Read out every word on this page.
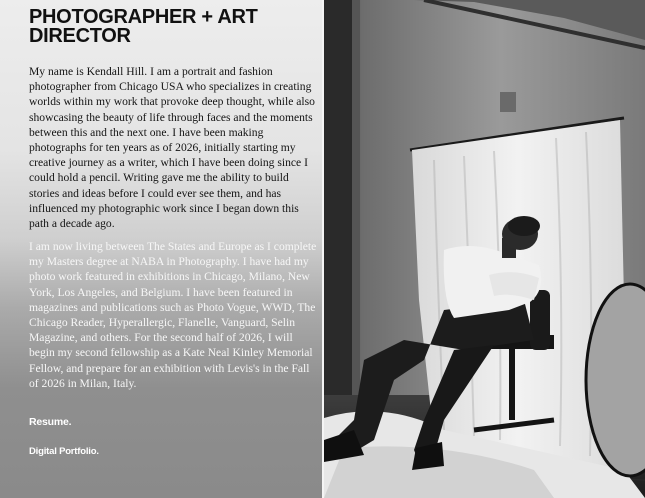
PHOTOGRAPHER + ART DIRECTOR

My name is Kendall Hill. I am a portrait and fashion photographer from Chicago USA who specializes in creating worlds within my work that provoke deep thought, while also showcasing the beauty of life through faces and the moments between this and the next one. I have been making photographs for ten years as of 2026, initially starting my creative journey as a writer, which I have been doing since I could hold a pencil. Writing gave me the ability to build stories and ideas before I could ever see them, and has influenced my photographic work since I began down this path a decade ago.

I am now living between The States and Europe as I complete my Masters degree at NABA in Photography. I have had my photo work featured in exhibitions in Chicago, Milano, New York, Los Angeles, and Belgium. I have been featured in magazines and publications such as Photo Vogue, WWD, The Chicago Reader, Hyperallergic, Flanelle, Vanguard, Selin Magazine, and others. For the second half of 2026, I will begin my second fellowship as a Kate Neal Kinley Memorial Fellow, and prepare for an exhibition with Levis's in the Fall of 2026 in Milan, Italy.

Resume.
Digital Portfolio.
